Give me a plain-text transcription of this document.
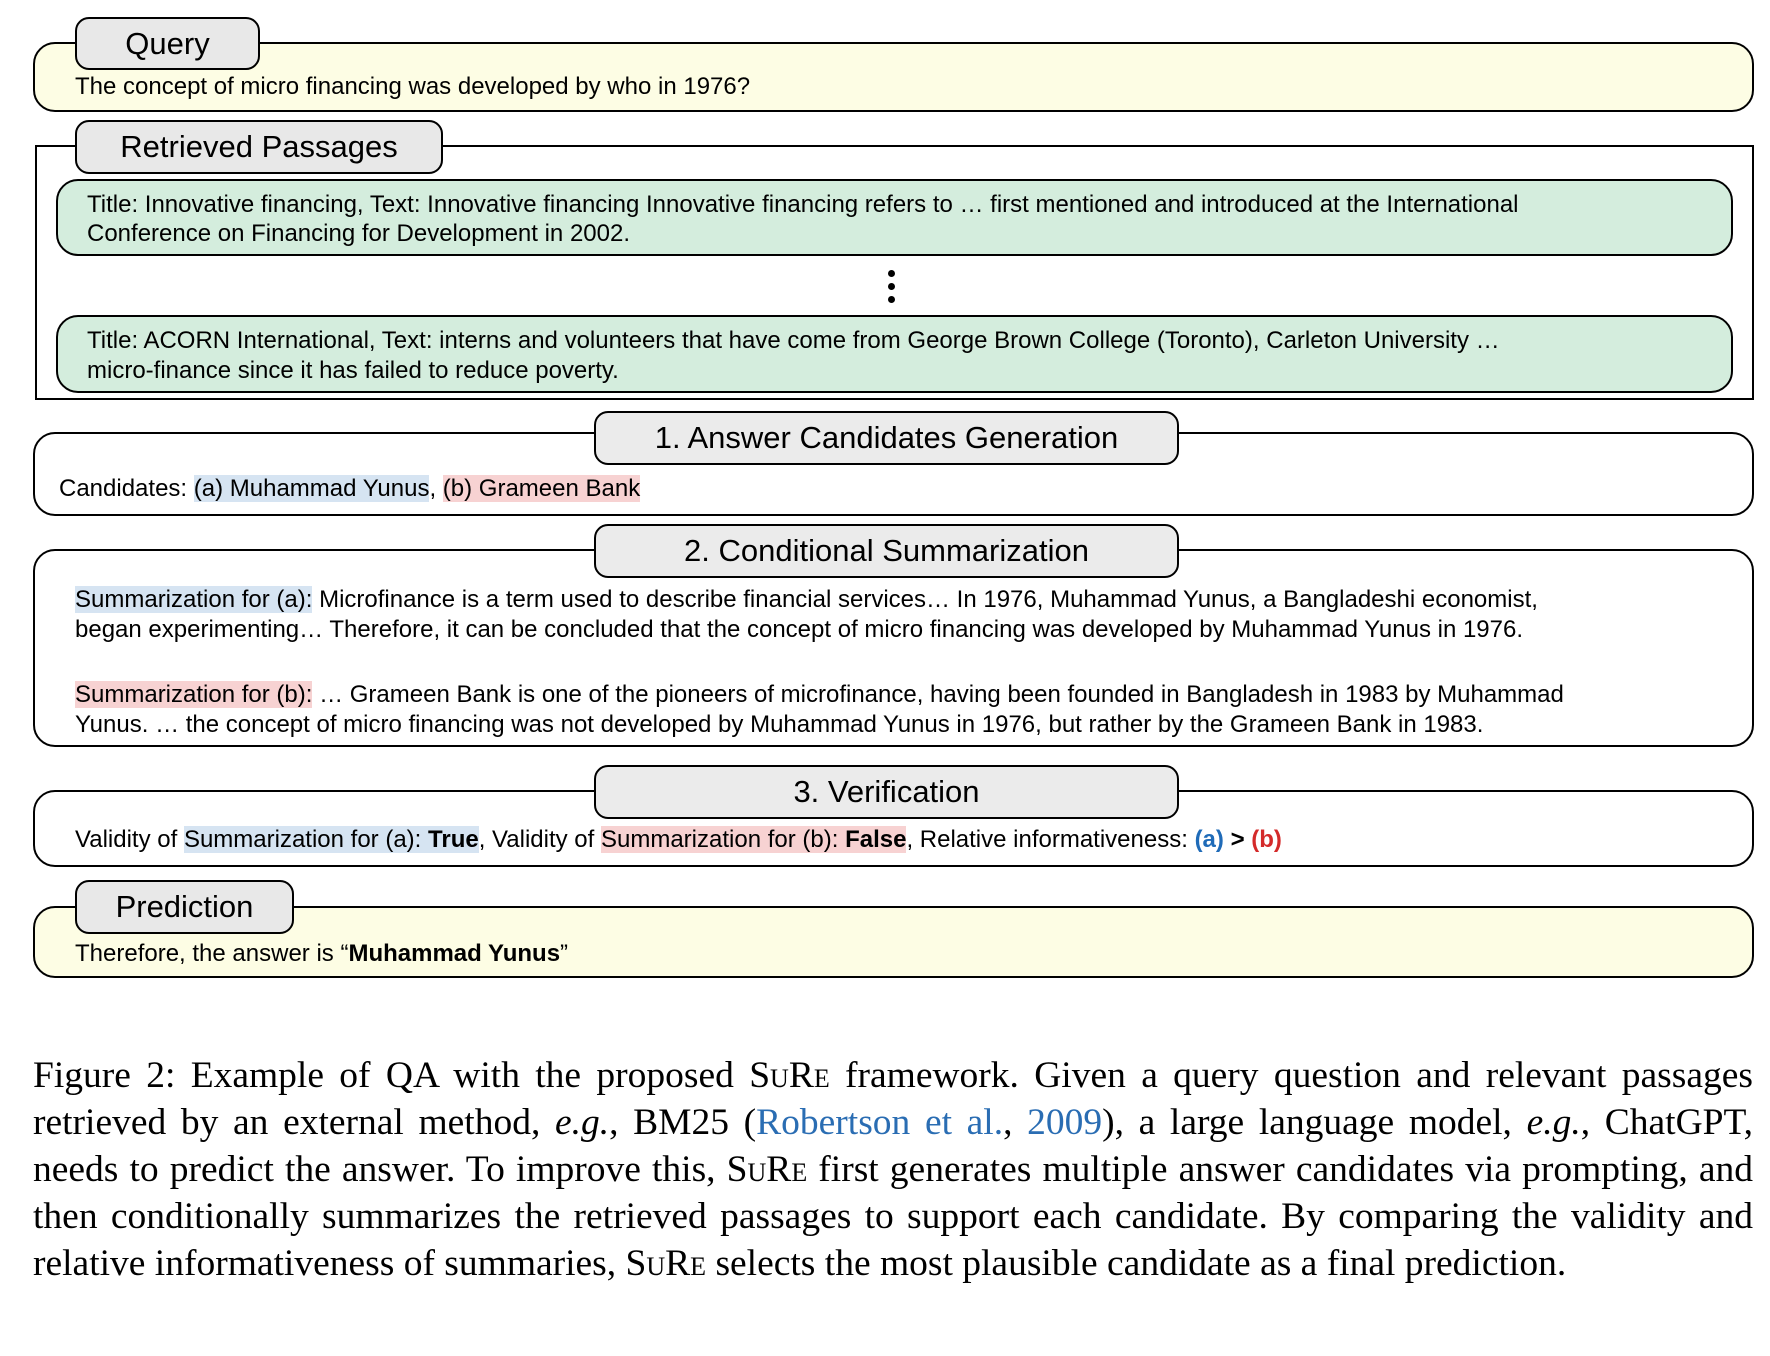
Query
The concept of micro financing was developed by who in 1976?
Retrieved Passages
Title: Innovative financing, Text: Innovative financing Innovative financing refers to … first mentioned and introduced at the International
Conference on Financing for Development in 2002.
Title: ACORN International, Text: interns and volunteers that have come from George Brown College (Toronto), Carleton University …
micro-finance since it has failed to reduce poverty.
1. Answer Candidates Generation
Candidates: (a) Muhammad Yunus, (b) Grameen Bank
2. Conditional Summarization
Summarization for (a): Microfinance is a term used to describe financial services… In 1976, Muhammad Yunus, a Bangladeshi economist,
began experimenting… Therefore, it can be concluded that the concept of micro financing was developed by Muhammad Yunus in 1976.
Summarization for (b): … Grameen Bank is one of the pioneers of microfinance, having been founded in Bangladesh in 1983 by Muhammad
Yunus. … the concept of micro financing was not developed by Muhammad Yunus in 1976, but rather by the Grameen Bank in 1983.
3. Verification
Validity of Summarization for (a): True, Validity of Summarization for (b): False, Relative informativeness: (a) > (b)
Prediction
Therefore, the answer is “Muhammad Yunus”
Figure 2: Example of QA with the proposed SuRe framework. Given a query question and relevant passages retrieved by an external method, e.g., BM25 (Robertson et al., 2009), a large language model, e.g., ChatGPT, needs to predict the answer. To improve this, SuRe first generates multiple answer candidates via prompting, and then conditionally summarizes the retrieved passages to support each candidate. By comparing the validity and relative informativeness of summaries, SuRe selects the most plausible candidate as a final prediction.
